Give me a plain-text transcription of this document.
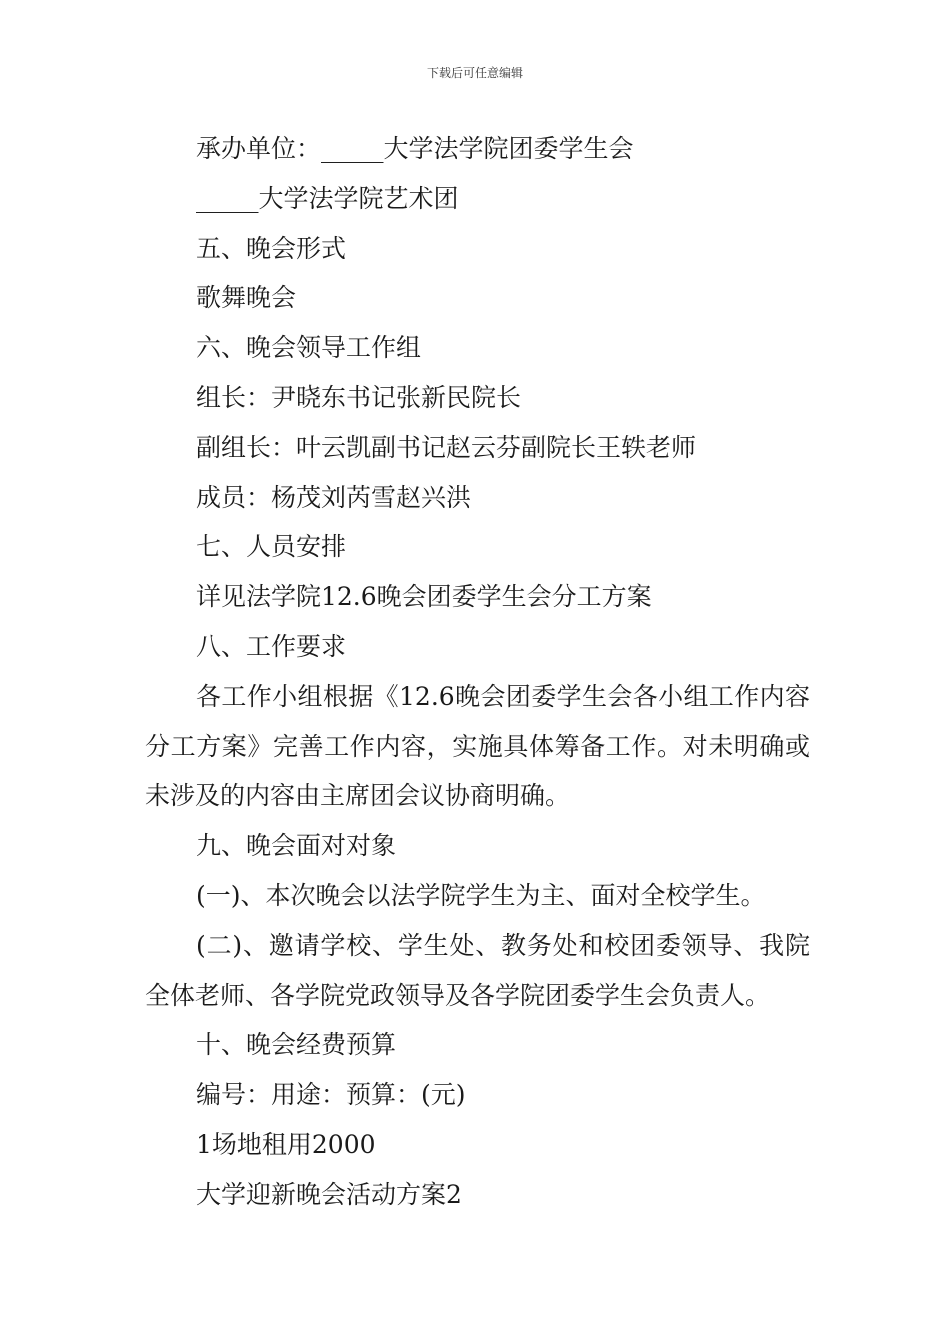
下载后可任意编辑
承办单位：_____大学法学院团委学生会
_____大学法学院艺术团
五、晚会形式
歌舞晚会
六、晚会领导工作组
组长：尹晓东书记张新民院长
副组长：叶云凯副书记赵云芬副院长王轶老师
成员：杨茂刘芮雪赵兴洪
七、人员安排
详见法学院12.6晚会团委学生会分工方案
八、工作要求
各工作小组根据《12.6晚会团委学生会各小组工作内容分工方案》完善工作内容，实施具体筹备工作。对未明确或未涉及的内容由主席团会议协商明确。
九、晚会面对对象
(一)、本次晚会以法学院学生为主、面对全校学生。
(二)、邀请学校、学生处、教务处和校团委领导、我院全体老师、各学院党政领导及各学院团委学生会负责人。
十、晚会经费预算
编号：用途：预算：(元)
1场地租用2000
大学迎新晚会活动方案2
